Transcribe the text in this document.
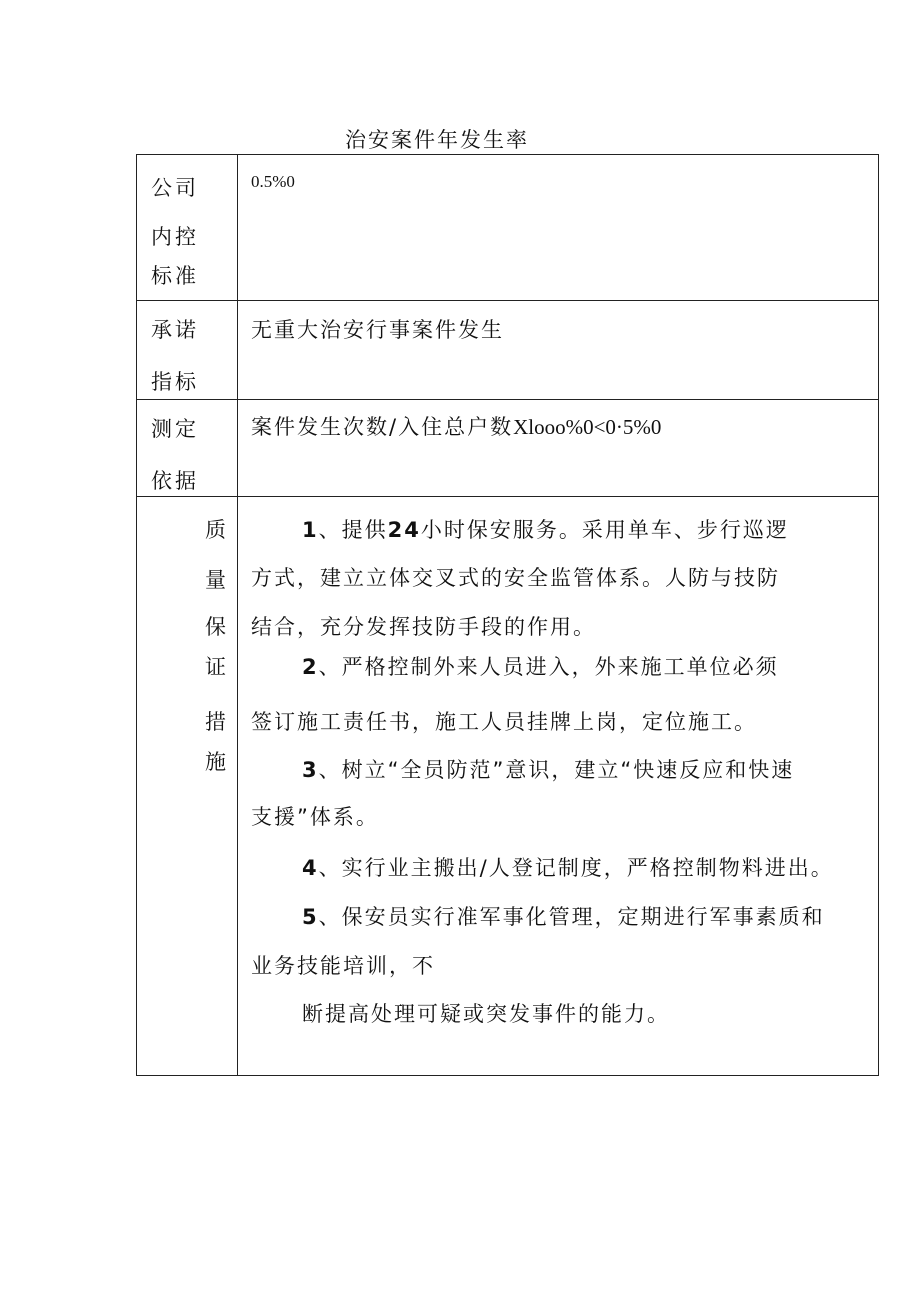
治安案件年发生率
公司
内控
标准
0.5%0
承诺
指标
无重大治安行事案件发生
测定
依据
案件发生次数/入住总户数Xlooo%0<0·5%0
质
量
保
证
措
施
1、提供24小时保安服务。采用单车、步行巡逻
方式，建立立体交叉式的安全监管体系。人防与技防
结合，充分发挥技防手段的作用。
2、严格控制外来人员进入，外来施工单位必须
签订施工责任书，施工人员挂牌上岗，定位施工。
3、树立“全员防范”意识，建立“快速反应和快速
支援”体系。
4、实行业主搬出/人登记制度，严格控制物料进出。
5、保安员实行准军事化管理，定期进行军事素质和
业务技能培训，不
断提高处理可疑或突发事件的能力。
